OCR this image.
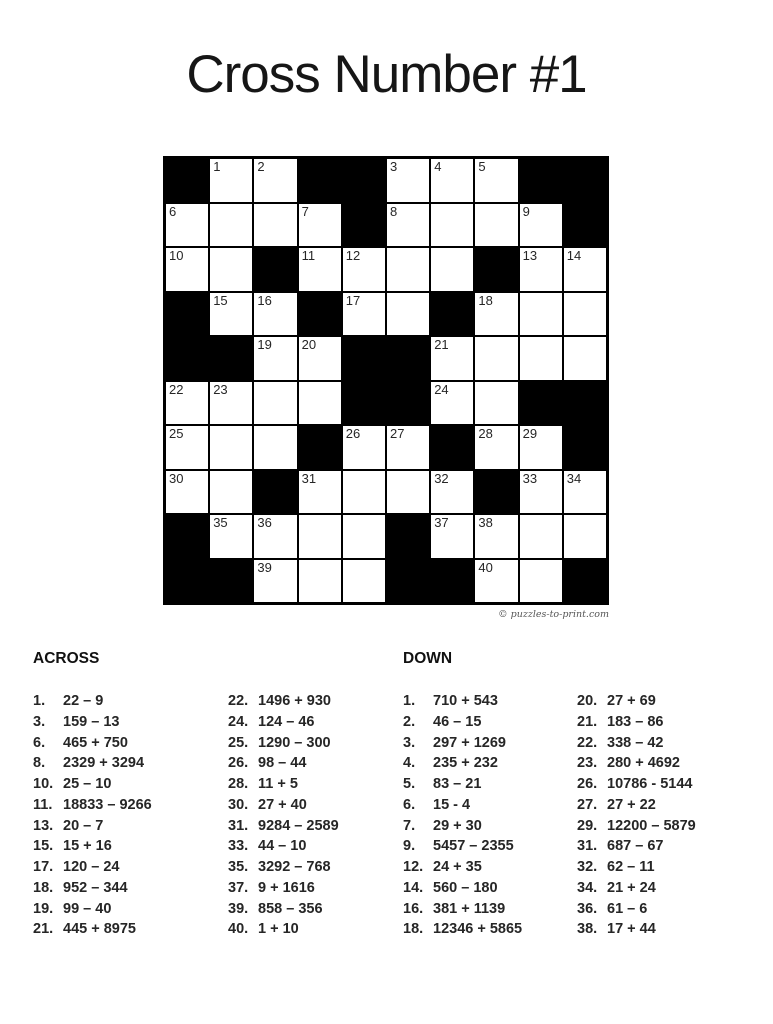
Cross Number #1
1	2	3	4	5
6	7	8	9
10	11 12	13 14
15 16	17	18
19 20	21
22 23	24
25	26 27	28 29
30	31	32	33 34
35 36	37 38
39	40
© puzzles-to-print.com
ACROSS	DOWN
1.	22 – 9
3.	159 – 13
6.	465 + 750
8.	2329 + 3294
10. 25 – 10
11. 18833 – 9266
13. 20 – 7
15. 15 + 16
17. 120 – 24
18. 952 – 344
19. 99 – 40
21. 445 + 8975
22. 1496 + 930
24. 124 – 46
25. 1290 – 300
26. 98 – 44
28. 11 + 5
30. 27 + 40
31. 9284 – 2589
33. 44 – 10
35. 3292 – 768
37. 9 + 1616
39. 858 – 356
40. 1 + 10
1.	710 + 543
2.	46 – 15
3.	297 + 1269
4.	235 + 232
5.	83 – 21
6.	15 - 4
7.	29 + 30
9.	5457 – 2355
12. 24 + 35
14. 560 – 180
16. 381 + 1139
18. 12346 + 5865
20. 27 + 69
21. 183 – 86
22. 338 – 42
23. 280 + 4692
26. 10786 - 5144
27. 27 + 22
29. 12200 – 5879
31. 687 – 67
32. 62 – 11
34. 21 + 24
36. 61 – 6
38. 17 + 44
